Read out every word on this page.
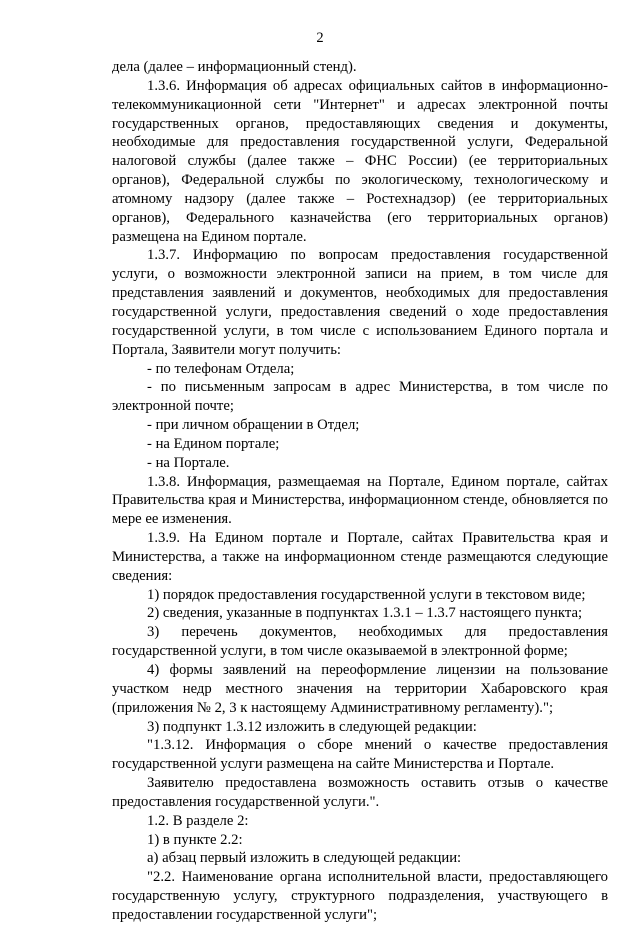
2

дела (далее – информационный стенд).

1.3.6. Информация об адресах официальных сайтов в информационно-телекоммуникационной сети "Интернет" и адресах электронной почты государственных органов, предоставляющих сведения и документы, необходимые для предоставления государственной услуги, Федеральной налоговой службы (далее также – ФНС России) (ее территориальных органов), Федеральной службы по экологическому, технологическому и атомному надзору (далее также – Ростехнадзор) (ее территориальных органов), Федерального казначейства (его территориальных органов) размещена на Едином портале.

1.3.7. Информацию по вопросам предоставления государственной услуги, о возможности электронной записи на прием, в том числе для представления заявлений и документов, необходимых для предоставления государственной услуги, предоставления сведений о ходе предоставления государственной услуги, в том числе с использованием Единого портала и Портала, Заявители могут получить:

- по телефонам Отдела;

- по письменным запросам в адрес Министерства, в том числе по электронной почте;

- при личном обращении в Отдел;

- на Едином портале;

- на Портале.

1.3.8. Информация, размещаемая на Портале, Едином портале, сайтах Правительства края и Министерства, информационном стенде, обновляется по мере ее изменения.

1.3.9. На Едином портале и Портале, сайтах Правительства края и Министерства, а также на информационном стенде размещаются следующие сведения:

1) порядок предоставления государственной услуги в текстовом виде;

2) сведения, указанные в подпунктах 1.3.1 – 1.3.7 настоящего пункта;

3) перечень документов, необходимых для предоставления государственной услуги, в том числе оказываемой в электронной форме;

4) формы заявлений на переоформление лицензии на пользование участком недр местного значения на территории Хабаровского края (приложения № 2, 3 к настоящему Административному регламенту).";

3) подпункт 1.3.12 изложить в следующей редакции:

"1.3.12. Информация о сборе мнений о качестве предоставления государственной услуги размещена на сайте Министерства и Портале.

Заявителю предоставлена возможность оставить отзыв о качестве предоставления государственной услуги.".

1.2. В разделе 2:

1) в пункте 2.2:

а) абзац первый изложить в следующей редакции:

"2.2. Наименование органа исполнительной власти, предоставляющего государственную услугу, структурного подразделения, участвующего в предоставлении государственной услуги";
